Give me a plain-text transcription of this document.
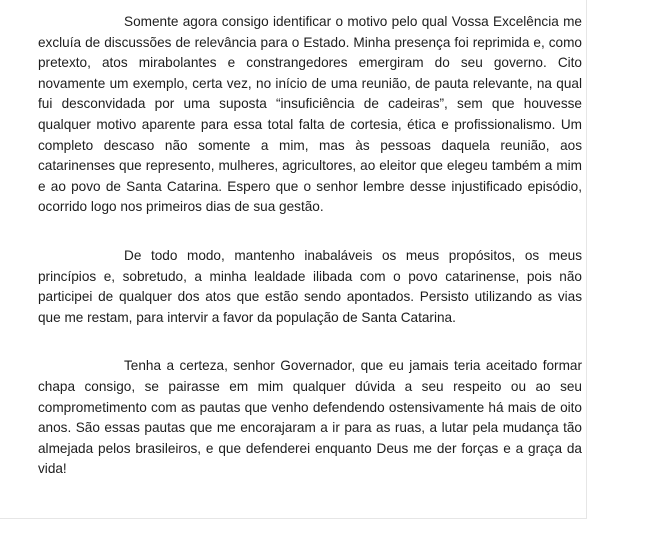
Somente agora consigo identificar o motivo pelo qual Vossa Excelência me excluía de discussões de relevância para o Estado. Minha presença foi reprimida e, como pretexto, atos mirabolantes e constrangedores emergiram do seu governo. Cito novamente um exemplo, certa vez, no início de uma reunião, de pauta relevante, na qual fui desconvidada por uma suposta “insuficiência de cadeiras”, sem que houvesse qualquer motivo aparente para essa total falta de cortesia, ética e profissionalismo. Um completo descaso não somente a mim, mas às pessoas daquela reunião, aos catarinenses que represento, mulheres, agricultores, ao eleitor que elegeu também a mim e ao povo de Santa Catarina. Espero que o senhor lembre desse injustificado episódio, ocorrido logo nos primeiros dias de sua gestão.

De todo modo, mantenho inabaláveis os meus propósitos, os meus princípios e, sobretudo, a minha lealdade ilibada com o povo catarinense, pois não participei de qualquer dos atos que estão sendo apontados. Persisto utilizando as vias que me restam, para intervir a favor da população de Santa Catarina.

Tenha a certeza, senhor Governador, que eu jamais teria aceitado formar chapa consigo, se pairasse em mim qualquer dúvida a seu respeito ou ao seu comprometimento com as pautas que venho defendendo ostensivamente há mais de oito anos. São essas pautas que me encorajaram a ir para as ruas, a lutar pela mudança tão almejada pelos brasileiros, e que defenderei enquanto Deus me der forças e a graça da vida!
